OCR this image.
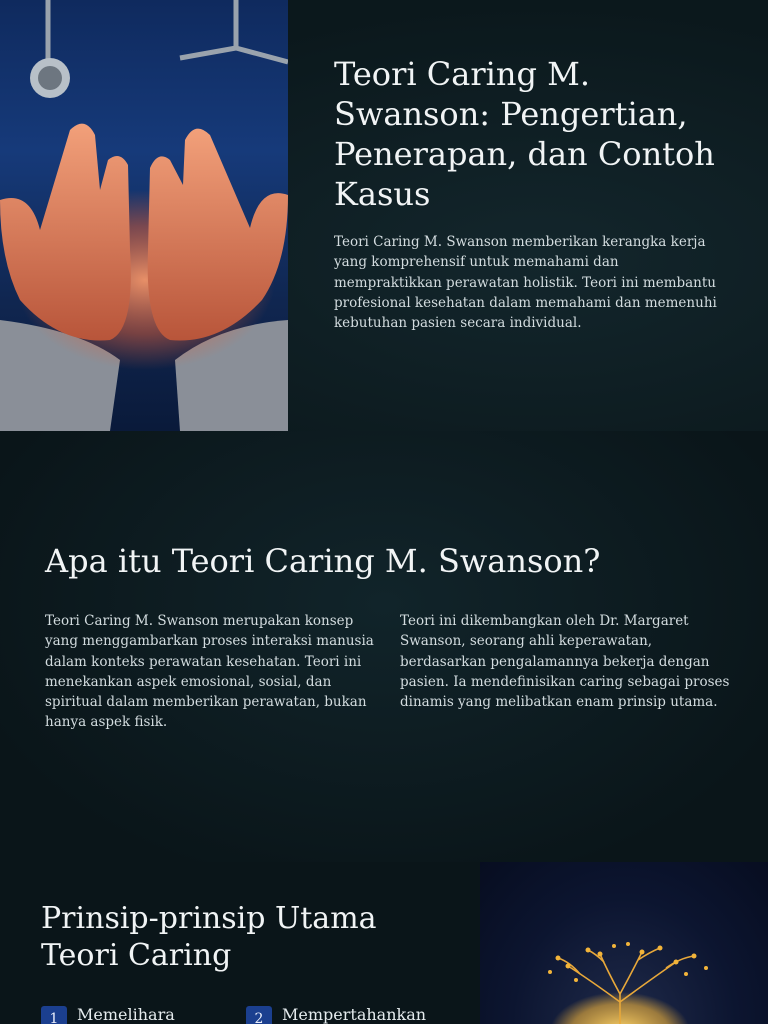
Teori Caring M. Swanson: Pengertian, Penerapan, dan Contoh Kasus

Teori Caring M. Swanson memberikan kerangka kerja yang komprehensif untuk memahami dan mempraktikkan perawatan holistik. Teori ini membantu profesional kesehatan dalam memahami dan memenuhi kebutuhan pasien secara individual.

Apa itu Teori Caring M. Swanson?

Teori Caring M. Swanson merupakan konsep yang menggambarkan proses interaksi manusia dalam konteks perawatan kesehatan. Teori ini menekankan aspek emosional, sosial, dan spiritual dalam memberikan perawatan, bukan hanya aspek fisik.

Teori ini dikembangkan oleh Dr. Margaret Swanson, seorang ahli keperawatan, berdasarkan pengalamannya bekerja dengan pasien. Ia mendefinisikan caring sebagai proses dinamis yang melibatkan enam prinsip utama.

Prinsip-prinsip Utama Teori Caring
1	Memelihara	2	Mempertahankan
